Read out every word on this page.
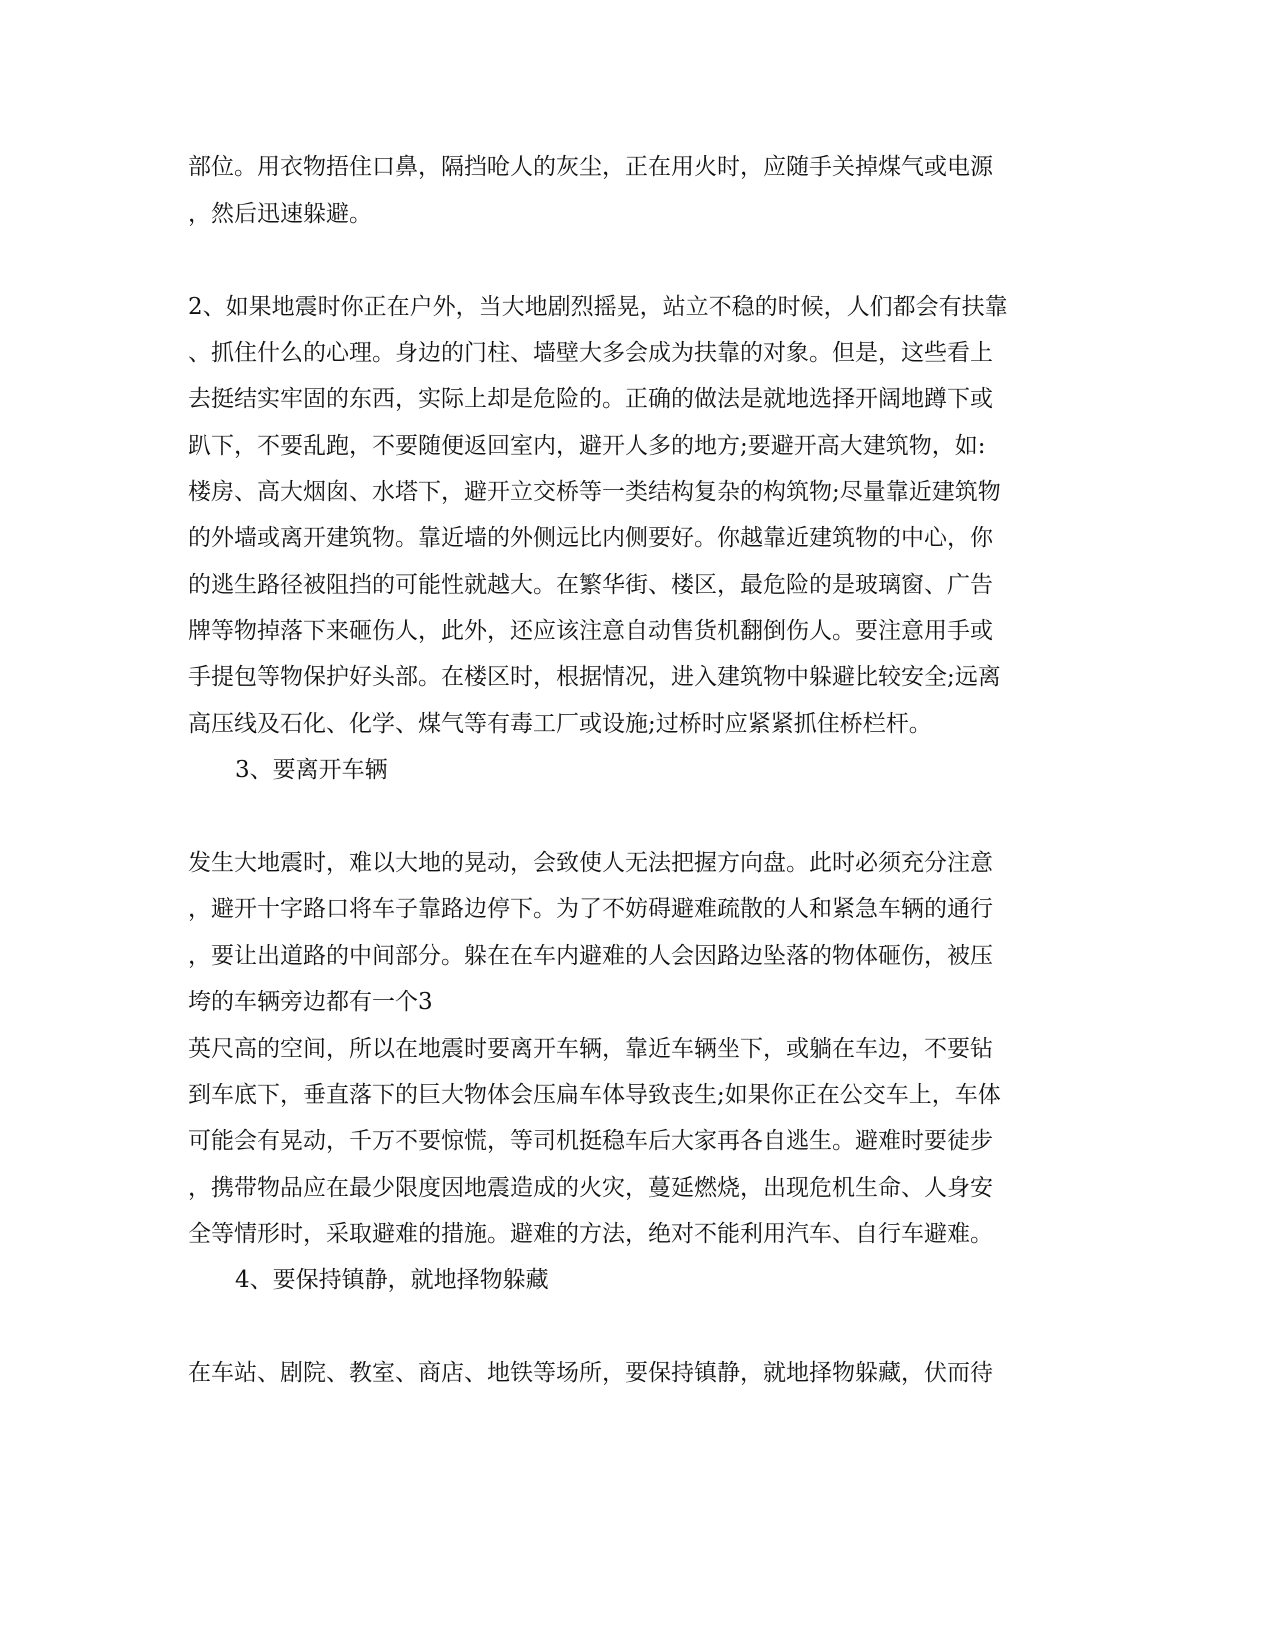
部位。用衣物捂住口鼻，隔挡呛人的灰尘，正在用火时，应随手关掉煤气或电源
，然后迅速躲避。
2、如果地震时你正在户外，当大地剧烈摇晃，站立不稳的时候，人们都会有扶靠
、抓住什么的心理。身边的门柱、墙壁大多会成为扶靠的对象。但是，这些看上
去挺结实牢固的东西，实际上却是危险的。正确的做法是就地选择开阔地蹲下或
趴下，不要乱跑，不要随便返回室内，避开人多的地方;要避开高大建筑物，如:
楼房、高大烟囱、水塔下，避开立交桥等一类结构复杂的构筑物;尽量靠近建筑物
的外墙或离开建筑物。靠近墙的外侧远比内侧要好。你越靠近建筑物的中心，你
的逃生路径被阻挡的可能性就越大。在繁华街、楼区，最危险的是玻璃窗、广告
牌等物掉落下来砸伤人，此外，还应该注意自动售货机翻倒伤人。要注意用手或
手提包等物保护好头部。在楼区时，根据情况，进入建筑物中躲避比较安全;远离
高压线及石化、化学、煤气等有毒工厂或设施;过桥时应紧紧抓住桥栏杆。
3、要离开车辆
发生大地震时，难以大地的晃动，会致使人无法把握方向盘。此时必须充分注意
，避开十字路口将车子靠路边停下。为了不妨碍避难疏散的人和紧急车辆的通行
，要让出道路的中间部分。躲在在车内避难的人会因路边坠落的物体砸伤，被压
垮的车辆旁边都有一个3
英尺高的空间，所以在地震时要离开车辆，靠近车辆坐下，或躺在车边，不要钻
到车底下，垂直落下的巨大物体会压扁车体导致丧生;如果你正在公交车上，车体
可能会有晃动，千万不要惊慌，等司机挺稳车后大家再各自逃生。避难时要徒步
，携带物品应在最少限度因地震造成的火灾，蔓延燃烧，出现危机生命、人身安
全等情形时，采取避难的措施。避难的方法，绝对不能利用汽车、自行车避难。
4、要保持镇静，就地择物躲藏
在车站、剧院、教室、商店、地铁等场所，要保持镇静，就地择物躲藏，伏而待
